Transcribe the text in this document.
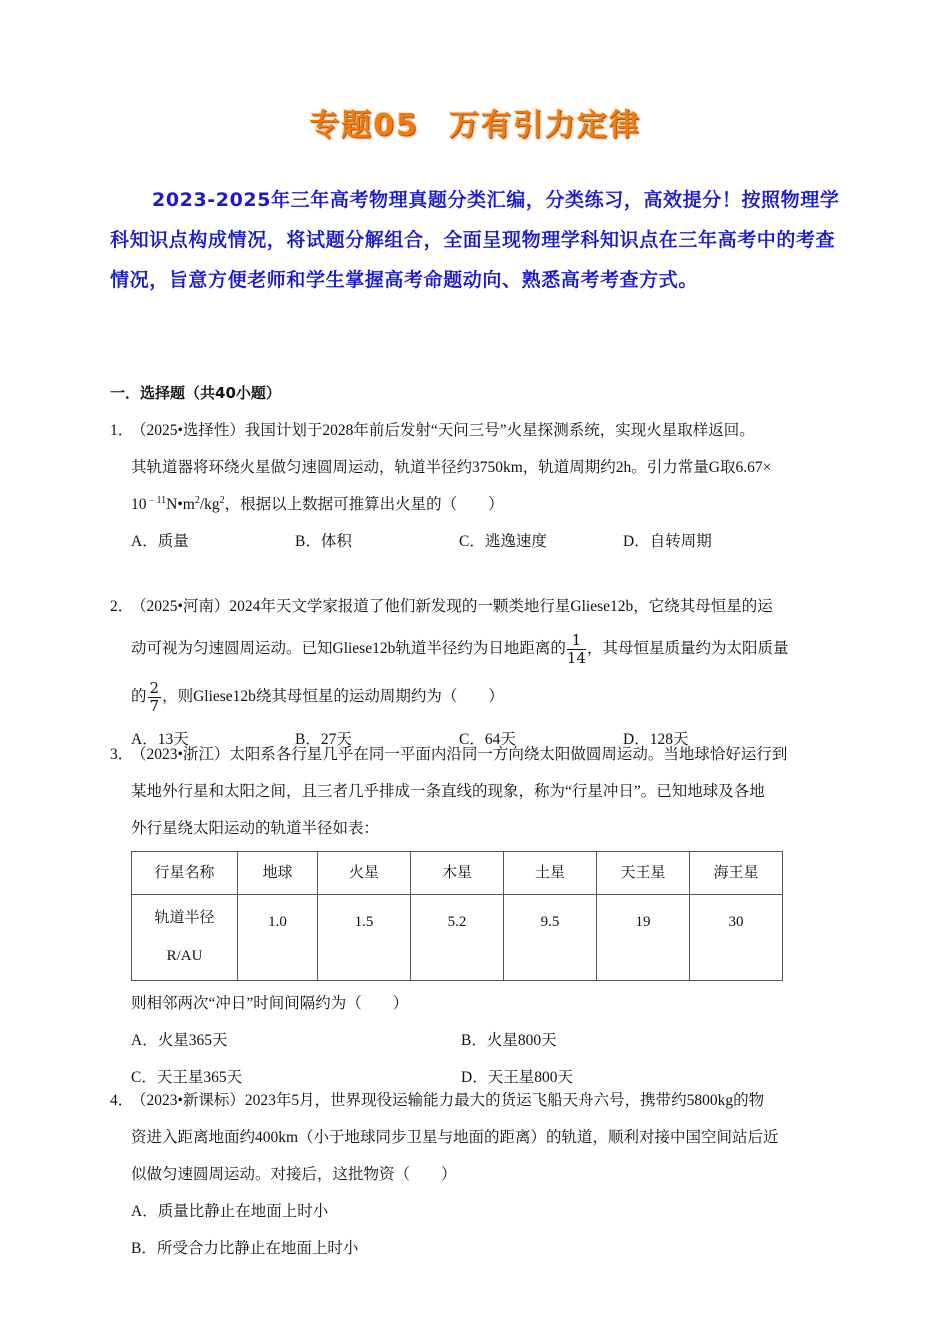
专题05 万有引力定律
2023-2025年三年高考物理真题分类汇编，分类练习，高效提分！按照物理学科知识点构成情况，将试题分解组合，全面呈现物理学科知识点在三年高考中的考查情况，旨意方便老师和学生掌握高考命题动向、熟悉高考考查方式。
一．选择题（共40小题）
1．
（2025•选择性）我国计划于2028年前后发射“天问三号”火星探测系统，实现火星取样返回。
其轨道器将环绕火星做匀速圆周运动，轨道半径约3750km，轨道周期约2h。引力常量G取6.67×
$10^{﹣11}N•m^2/kg^2$，根据以上数据可推算出火星的（　　）
A．质量	B．体积	C．逃逸速度	D．自转周期
2．
（2025•河南）2024年天文学家报道了他们新发现的一颗类地行星Gliese12b，它绕其母恒星的运
动可视为匀速圆周运动。已知Gliese12b轨道半径约为日地距离的 $\frac{1}{14}$ ，其母恒星质量约为太阳质量
的 $\frac{2}{7}$ ，则Gliese12b绕其母恒星的运动周期约为（　　）
A．13天	B．27天	C．64天	D．128天
3．
（2023•浙江）太阳系各行星几乎在同一平面内沿同一方向绕太阳做圆周运动。当地球恰好运行到
某地外行星和太阳之间，且三者几乎排成一条直线的现象，称为“行星冲日”。已知地球及各地
外行星绕太阳运动的轨道半径如表：
行星名称	地球	火星	木星	土星	天王星	海王星

轨道半径
R/AU	1.0	1.5	5.2	9.5	19	30
则相邻两次“冲日”时间间隔约为（　　）
A．火星365天	B．火星800天
C．天王星365天	D．天王星800天
4．
（2023•新课标）2023年5月，世界现役运输能力最大的货运飞船天舟六号，携带约5800kg的物
资进入距离地面约400km（小于地球同步卫星与地面的距离）的轨道，顺利对接中国空间站后近
似做匀速圆周运动。对接后，这批物资（　　）
A．质量比静止在地面上时小
B．所受合力比静止在地面上时小
